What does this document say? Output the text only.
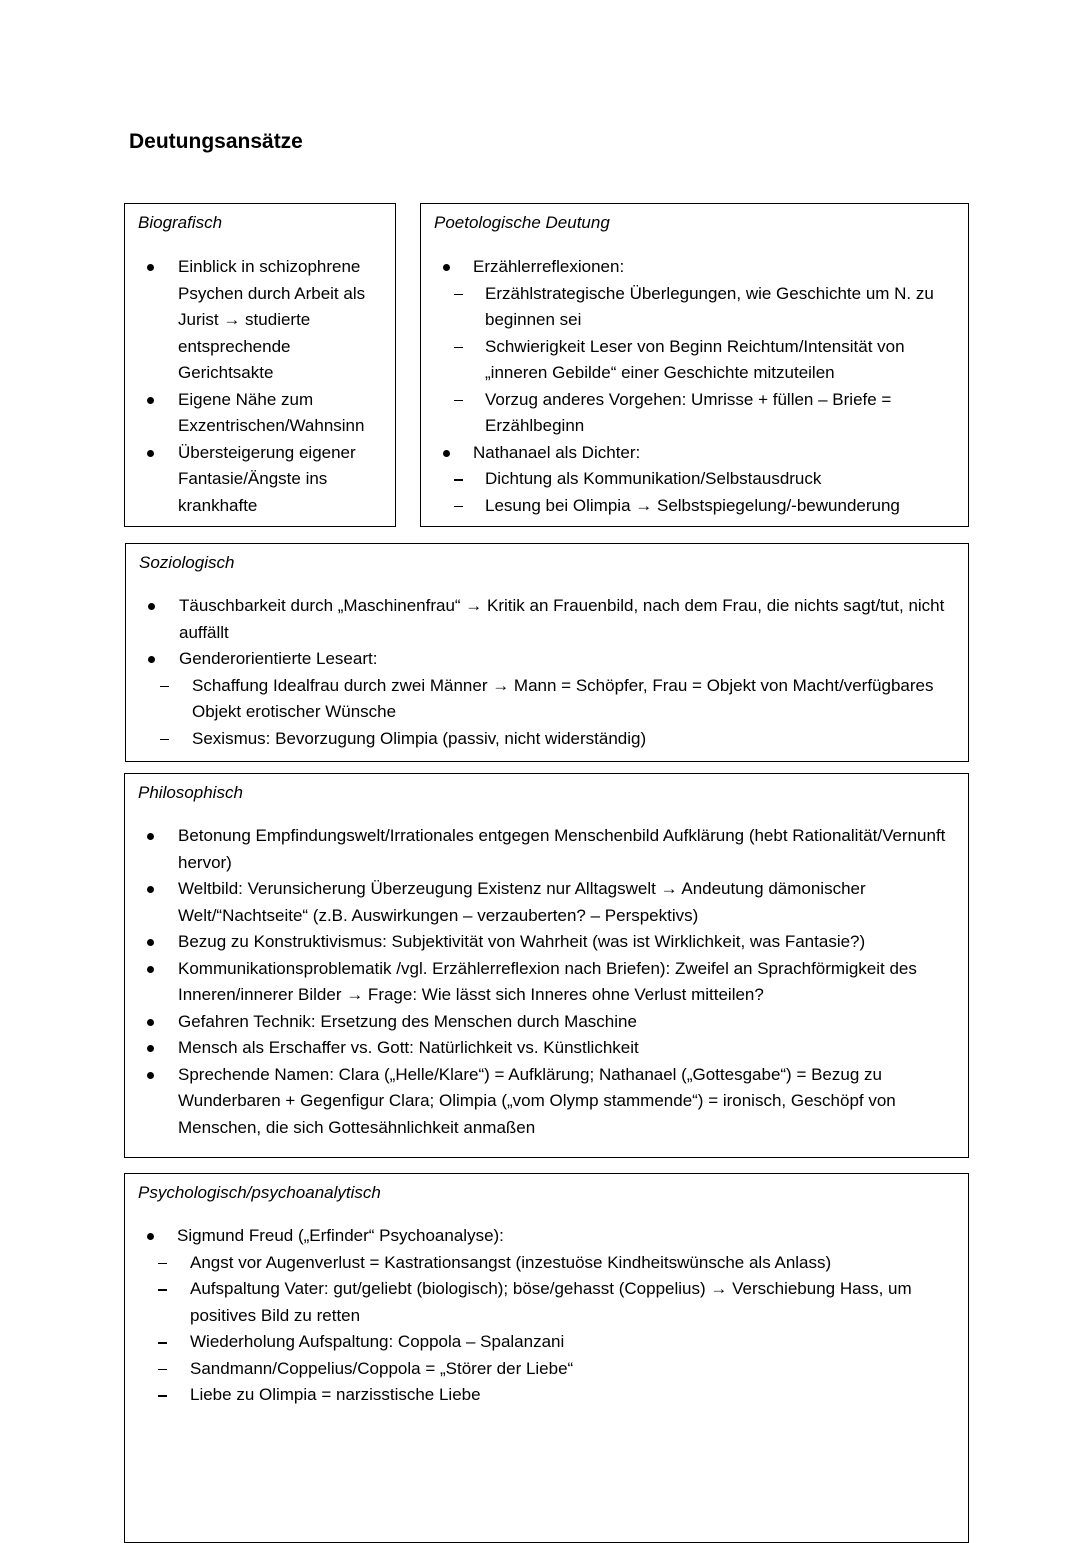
Deutungsansätze
Biografisch
Einblick in schizophrene Psychen durch Arbeit als Jurist → studierte entsprechende Gerichtsakte
Eigene Nähe zum Exzentrischen/Wahnsinn
Übersteigerung eigener Fantasie/Ängste ins krankhafte
Poetologische Deutung
Erzählerreflexionen:
Erzählstrategische Überlegungen, wie Geschichte um N. zu beginnen sei
Schwierigkeit Leser von Beginn Reichtum/Intensität von „inneren Gebilde“ einer Geschichte mitzuteilen
Vorzug anderes Vorgehen: Umrisse + füllen – Briefe = Erzählbeginn
Nathanael als Dichter:
Dichtung als Kommunikation/Selbstausdruck
Lesung bei Olimpia → Selbstspiegelung/-bewunderung
Soziologisch
Täuschbarkeit durch „Maschinenfrau“ → Kritik an Frauenbild, nach dem Frau, die nichts sagt/tut, nicht auffällt
Genderorientierte Leseart:
Schaffung Idealfrau durch zwei Männer → Mann = Schöpfer, Frau = Objekt von Macht/verfügbares Objekt erotischer Wünsche
Sexismus: Bevorzugung Olimpia (passiv, nicht widerständig)
Philosophisch
Betonung Empfindungswelt/Irrationales entgegen Menschenbild Aufklärung (hebt Rationalität/Vernunft hervor)
Weltbild: Verunsicherung Überzeugung Existenz nur Alltagswelt → Andeutung dämonischer Welt/“Nachtseite“ (z.B. Auswirkungen – verzauberten? – Perspektivs)
Bezug zu Konstruktivismus: Subjektivität von Wahrheit (was ist Wirklichkeit, was Fantasie?)
Kommunikationsproblematik /vgl. Erzählerreflexion nach Briefen): Zweifel an Sprachförmigkeit des Inneren/innerer Bilder → Frage: Wie lässt sich Inneres ohne Verlust mitteilen?
Gefahren Technik: Ersetzung des Menschen durch Maschine
Mensch als Erschaffer vs. Gott: Natürlichkeit vs. Künstlichkeit
Sprechende Namen: Clara („Helle/Klare“) = Aufklärung; Nathanael („Gottesgabe“) = Bezug zu Wunderbaren + Gegenfigur Clara; Olimpia („vom Olymp stammende“) = ironisch, Geschöpf von Menschen, die sich Gottesähnlichkeit anmaßen
Psychologisch/psychoanalytisch
Sigmund Freud („Erfinder“ Psychoanalyse):
Angst vor Augenverlust = Kastrationsangst (inzestuöse Kindheitswünsche als Anlass)
Aufspaltung Vater: gut/geliebt (biologisch); böse/gehasst (Coppelius) → Verschiebung Hass, um positives Bild zu retten
Wiederholung Aufspaltung: Coppola – Spalanzani
Sandmann/Coppelius/Coppola = „Störer der Liebe“
Liebe zu Olimpia = narzisstische Liebe
